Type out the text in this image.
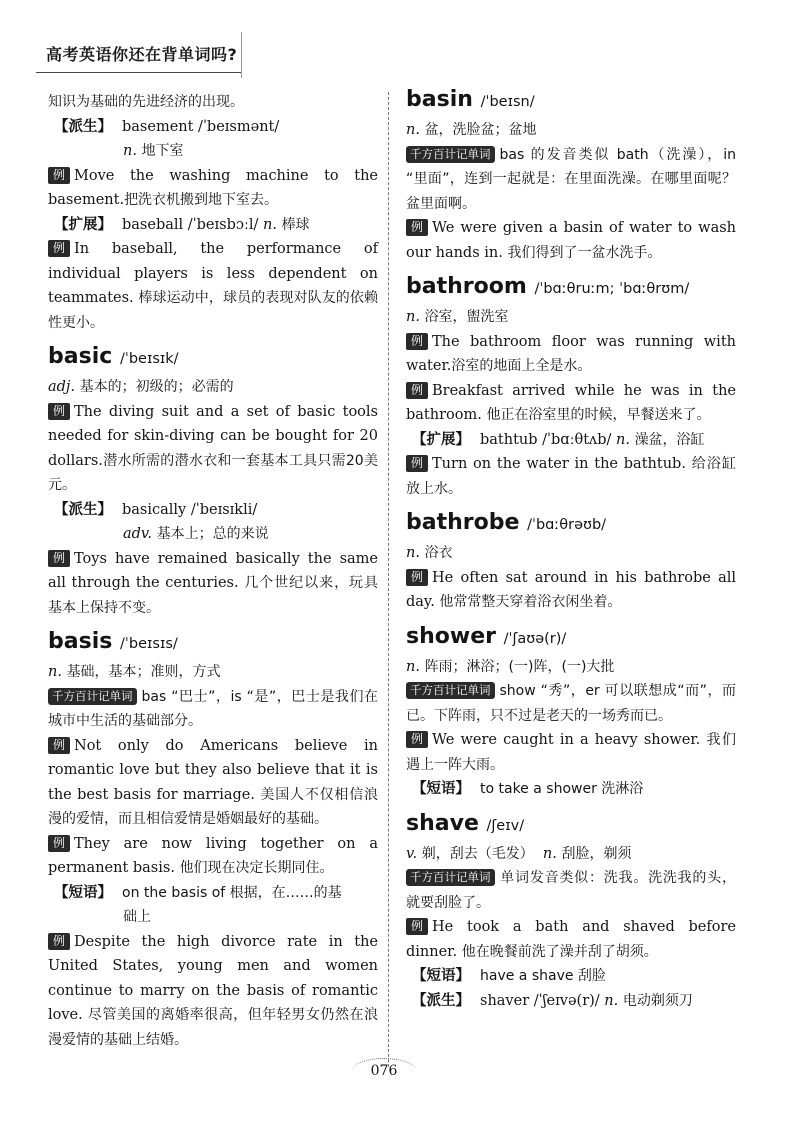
高考英语你还在背单词吗?

知识为基础的先进经济的出现。

【派生】 basement /ˈbeɪsmənt/

n. 地下室

例 Move the washing machine to the basement.把洗衣机搬到地下室去。

【扩展】 baseball /ˈbeɪsbɔːl/ n. 棒球

例 In baseball, the performance of individual players is less dependent on teammates. 棒球运动中，球员的表现对队友的依赖性更小。

basic /ˈbeɪsɪk/

adj. 基本的；初级的；必需的

例 The diving suit and a set of basic tools needed for skin-diving can be bought for 20 dollars.潜水所需的潜水衣和一套基本工具只需20美元。

【派生】 basically /ˈbeɪsɪkli/

adv. 基本上；总的来说

例 Toys have remained basically the same all through the centuries. 几个世纪以来，玩具基本上保持不变。

basis /ˈbeɪsɪs/

n. 基础，基本；准则，方式

千方百计记单词 bas “巴士”，is “是”，巴士是我们在城市中生活的基础部分。

例 Not only do Americans believe in romantic love but they also believe that it is the best basis for marriage. 美国人不仅相信浪漫的爱情，而且相信爱情是婚姻最好的基础。

例 They are now living together on a permanent basis. 他们现在决定长期同住。

【短语】 on the basis of 根据，在……的基

础上

例 Despite the high divorce rate in the United States, young men and women continue to marry on the basis of romantic love. 尽管美国的离婚率很高，但年轻男女仍然在浪漫爱情的基础上结婚。

basin /ˈbeɪsn/

n. 盆，洗脸盆；盆地

千方百计记单词 bas 的发音类似 bath（洗澡），in “里面”，连到一起就是：在里面洗澡。在哪里面呢？盆里面啊。

例 We were given a basin of water to wash our hands in. 我们得到了一盆水洗手。

bathroom /ˈbɑːθruːm; ˈbɑːθrʊm/

n. 浴室，盥洗室

例 The bathroom floor was running with water.浴室的地面上全是水。

例 Breakfast arrived while he was in the bathroom. 他正在浴室里的时候，早餐送来了。

【扩展】 bathtub /ˈbɑːθtʌb/ n. 澡盆，浴缸

例 Turn on the water in the bathtub. 给浴缸放上水。

bathrobe /ˈbɑːθrəʊb/

n. 浴衣

例 He often sat around in his bathrobe all day. 他常常整天穿着浴衣闲坐着。

shower /ˈʃaʊə(r)/

n. 阵雨；淋浴；(一)阵，(一)大批

千方百计记单词 show “秀”，er 可以联想成“而”，而已。下阵雨，只不过是老天的一场秀而已。

例 We were caught in a heavy shower. 我们遇上一阵大雨。

【短语】 to take a shower 洗淋浴

shave /ʃeɪv/

v. 剃，刮去（毛发） n. 刮脸，剃须

千方百计记单词 单词发音类似：洗我。洗洗我的头，就要刮脸了。

例 He took a bath and shaved before dinner. 他在晚餐前洗了澡并刮了胡须。

【短语】 have a shave 刮脸

【派生】 shaver /ˈʃeɪvə(r)/ n. 电动剃须刀

076
